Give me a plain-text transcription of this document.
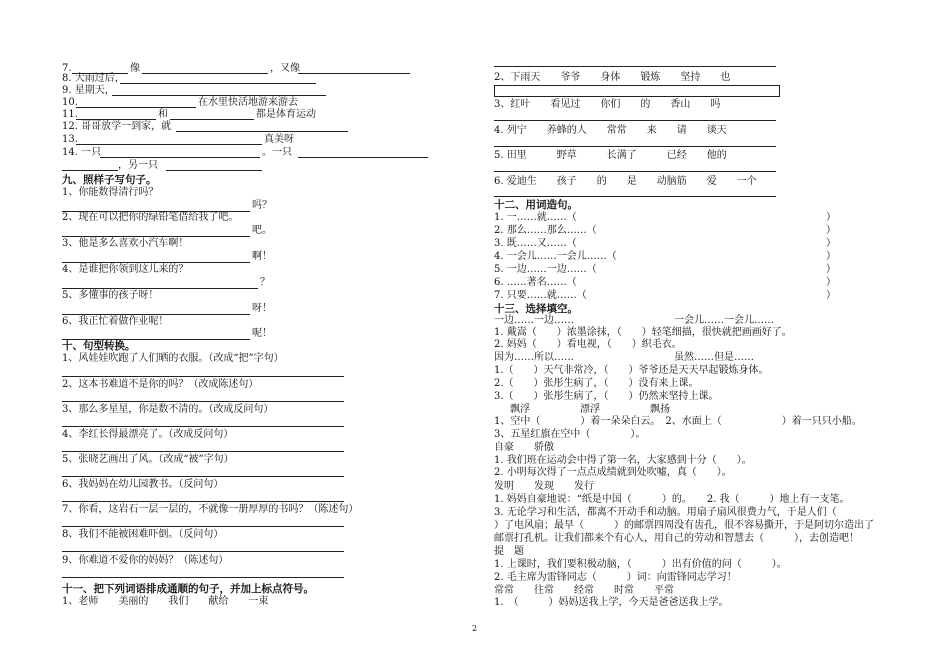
7.	像	，又像
8. 大雨过后，
9. 星期天，
10.	在水里快活地游来游去
11.	和	都是体育运动
12. 哥哥放学一到家，就
13.	真美呀
14. 一只	。一只
，另一只
九、照样子写句子。
1、你能数得清行吗？
吗？
2、现在可以把你的绿铅笔借给我了吧。
吧。
3、他是多么喜欢小汽车啊！
啊！
4、是谁把你领到这儿来的？
？
5、多懂事的孩子呀！
呀！
6、我正忙着做作业呢！
呢！
十、句型转换。
1、风娃娃吹跑了人们晒的衣服。（改成“把”字句）
2、这本书难道不是你的吗？（改成陈述句）
3、那么多星星，你是数不清的。（改成反问句）
4、李红长得最漂亮了。（改成反问句）
5、张晓艺画出了风。（改成“被”字句）
6、我妈妈在幼儿园教书。（反问句）
7、你看，这岩石一层一层的，不就像一册厚厚的书吗？（陈述句）
8、我们不能被困难吓倒。（反问句）
9、你难道不爱你的妈妈？（陈述句）
十一、把下列词语排成通顺的句子，并加上标点符号。
1、老师　　美丽的　　我们　　献给　　一束
2、下雨天　　爷爷　　身体　　锻炼　　坚持　　也
3、红叶　　看见过　　你们　　的　　香山　　吗
4. 列宁　　养蜂的人　　常常　　来　　请　　谈天
5. 田里　　　野草　　　长满了　　　已经　　他的
6. 爱迪生　　孩子　　的　　是　　动脑筋　　爱　　一个
十二、用词造句。
1. 一……就……（	）
2. 那么……那么……（	）
3. 既……又……（	）
4. 一会儿……一会儿……（	）
5. 一边……一边……（	）
6. ……著名……（	）
7. 只要……就……（	）
十三、选择填空。
一边……一边……　　　　　　　　　　一会儿……一会儿……
1. 戴嵩（　　）浓墨涂抹，（　　）轻笔细描，很快就把画画好了。
2. 妈妈（　　）看电视，（　　）织毛衣。
因为……所以……　　　　　　　　　　虽然……但是……
1.（　　）天气非常冷，（　　）爷爷还是天天早起锻炼身体。
2.（　　）张彤生病了，（　　）没有来上课。
3.（　　）张彤生病了，（　　）仍然来坚持上课。
飘浮　　　　　漂浮　　　　　飘扬
1、空中（　　　　）着一朵朵白云。　2、水面上（　　　　　　）着一只只小船。
3、五星红旗在空中（　　　　）。
自豪　　骄傲
1. 我们班在运动会中得了第一名，大家感到十分（　　）。
2. 小明每次得了一点点成绩就到处吹嘘，真（　　）。
发明　　发现　　发行
1. 妈妈自豪地说：“纸是中国（　　　）的。　　2. 我（　　　）地上有一支笔。
3. 无论学习和生活，都离不开动手和动脑。用扇子扇风很费力气，于是人们（
）了电风扇；最早（　　　）的邮票四周没有齿孔，很不容易撕开，于是阿切尔造出了
邮票打孔机。让我们都来个有心人，用自己的劳动和智慧去（　　　），去创造吧！
提　题
1. 上课时，我们要积极动脑，（　　　）出有价值的问（　　　）。
2. 毛主席为雷锋同志（　　　）词：向雷锋同志学习！
常常　　往常　　经常　　时常　　平常
1.　（　　　）妈妈送我上学，今天是爸爸送我上学。
2
